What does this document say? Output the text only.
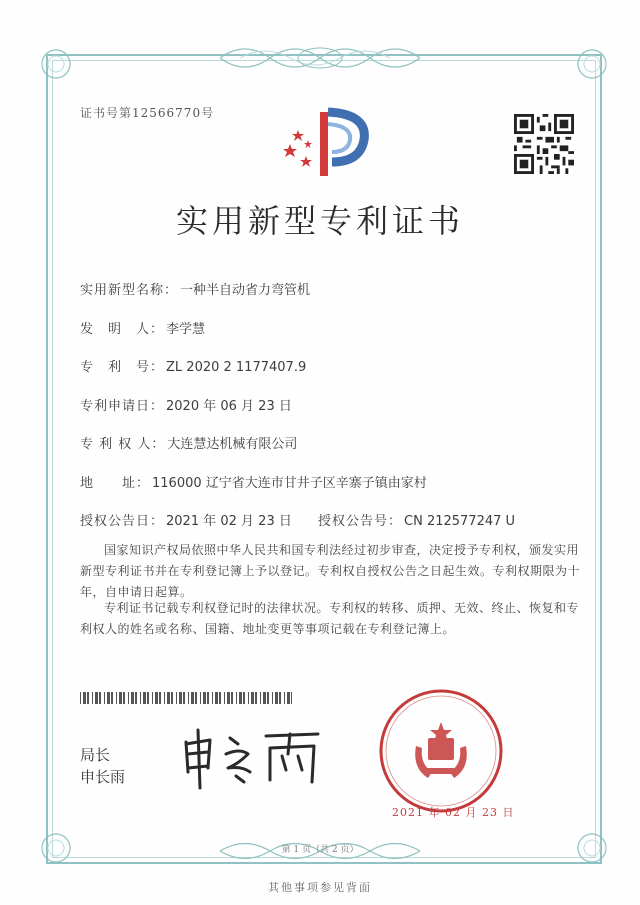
证书号第12566770号
实用新型专利证书
实用新型名称： 一种半自动省力弯管机
发　明　人： 李学慧
专　利　号： ZL 2020 2 1177407.9
专利申请日： 2020 年 06 月 23 日
专 利 权 人： 大连慧达机械有限公司
地　　址： 116000 辽宁省大连市甘井子区辛寨子镇由家村
授权公告日： 2021 年 02 月 23 日 授权公告号： CN 212577247 U
国家知识产权局依照中华人民共和国专利法经过初步审查，决定授予专利权，颁发实用新型专利证书并在专利登记簿上予以登记。专利权自授权公告之日起生效。专利权期限为十年，自申请日起算。
专利证书记载专利权登记时的法律状况。专利权的转移、质押、无效、终止、恢复和专利权人的姓名或名称、国籍、地址变更等事项记载在专利登记簿上。
局长
申长雨
2021 年 02 月 23 日
第 1 页（共 2 页）
其他事项参见背面
